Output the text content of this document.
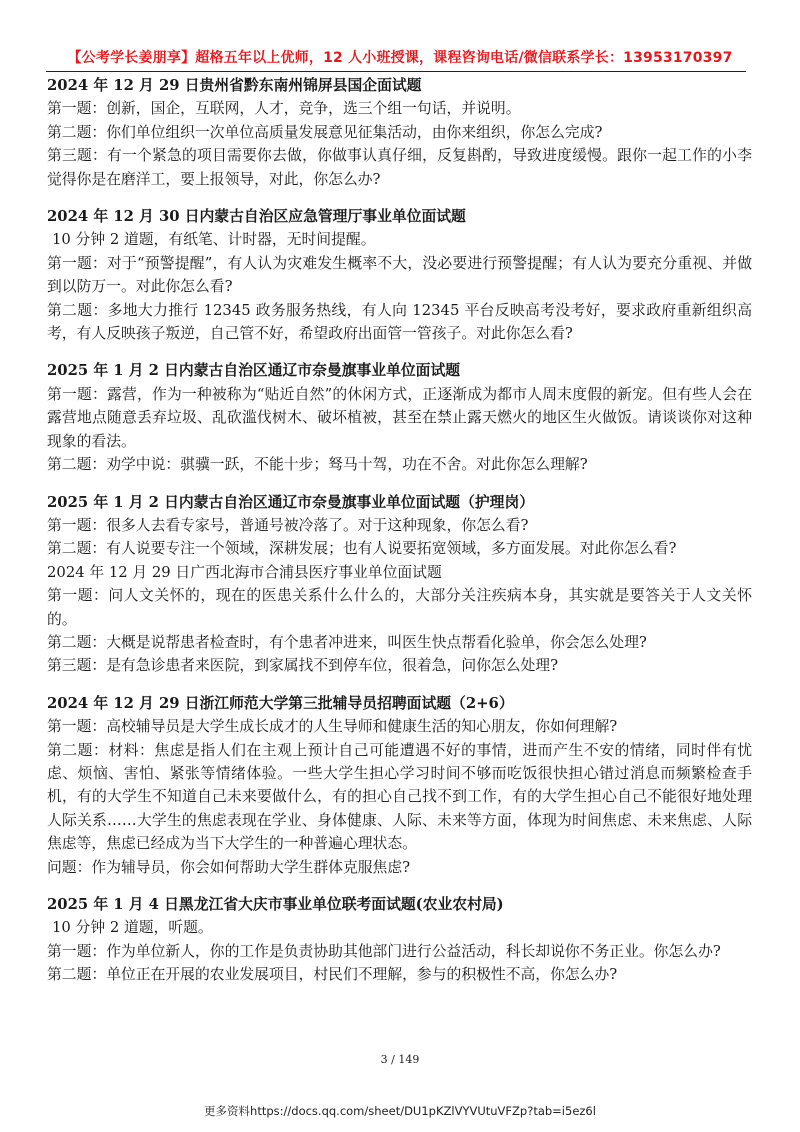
【公考学长姜朋享】超格五年以上优师，12 人小班授课，课程咨询电话/微信联系学长：13953170397

2024 年 12 月 29 日贵州省黔东南州锦屏县国企面试题

第一题：创新，国企，互联网，人才，竞争，选三个组一句话，并说明。

第二题：你们单位组织一次单位高质量发展意见征集活动，由你来组织，你怎么完成?

第三题：有一个紧急的项目需要你去做，你做事认真仔细，反复斟酌，导致进度缓慢。跟你一起工作的小李觉得你是在磨洋工，要上报领导，对此，你怎么办?

2024 年 12 月 30 日内蒙古自治区应急管理厅事业单位面试题

10 分钟 2 道题，有纸笔、计时器，无时间提醒。

第一题：对于“预警提醒”，有人认为灾难发生概率不大，没必要进行预警提醒；有人认为要充分重视、并做到以防万一。对此你怎么看?

第二题：多地大力推行 12345 政务服务热线，有人向 12345 平台反映高考没考好，要求政府重新组织高考，有人反映孩子叛逆，自己管不好，希望政府出面管一管孩子。对此你怎么看?

2025 年 1 月 2 日内蒙古自治区通辽市奈曼旗事业单位面试题

第一题：露营，作为一种被称为“贴近自然”的休闲方式，正逐渐成为都市人周末度假的新宠。但有些人会在露营地点随意丢弃垃圾、乱砍滥伐树木、破坏植被，甚至在禁止露天燃火的地区生火做饭。请谈谈你对这种现象的看法。

第二题：劝学中说：骐骥一跃，不能十步；驽马十驾，功在不舍。对此你怎么理解?

2025 年 1 月 2 日内蒙古自治区通辽市奈曼旗事业单位面试题（护理岗）

第一题：很多人去看专家号，普通号被冷落了。对于这种现象，你怎么看?

第二题：有人说要专注一个领域，深耕发展；也有人说要拓宽领域，多方面发展。对此你怎么看?

2024 年 12 月 29 日广西北海市合浦县医疗事业单位面试题

第一题：问人文关怀的，现在的医患关系什么什么的，大部分关注疾病本身，其实就是要答关于人文关怀的。

第二题：大概是说帮患者检查时，有个患者冲进来，叫医生快点帮看化验单，你会怎么处理?

第三题：是有急诊患者来医院，到家属找不到停车位，很着急，问你怎么处理?

2024 年 12 月 29 日浙江师范大学第三批辅导员招聘面试题（2+6）

第一题：高校辅导员是大学生成长成才的人生导师和健康生活的知心朋友，你如何理解?

第二题：材料：焦虑是指人们在主观上预计自己可能遭遇不好的事情，进而产生不安的情绪，同时伴有忧虑、烦恼、害怕、紧张等情绪体验。一些大学生担心学习时间不够而吃饭很快担心错过消息而频繁检查手机，有的大学生不知道自己未来要做什么，有的担心自己找不到工作，有的大学生担心自己不能很好地处理人际关系……大学生的焦虑表现在学业、身体健康、人际、未来等方面，体现为时间焦虑、未来焦虑、人际焦虑等，焦虑已经成为当下大学生的一种普遍心理状态。

问题：作为辅导员，你会如何帮助大学生群体克服焦虑?

2025 年 1 月 4 日黑龙江省大庆市事业单位联考面试题(农业农村局)

10 分钟 2 道题，听题。

第一题：作为单位新人，你的工作是负责协助其他部门进行公益活动，科长却说你不务正业。你怎么办?

第二题：单位正在开展的农业发展项目，村民们不理解，参与的积极性不高，你怎么办?

3 / 149
更多资料https://docs.qq.com/sheet/DU1pKZlVYVUtuVFZp?tab=i5ez6l
